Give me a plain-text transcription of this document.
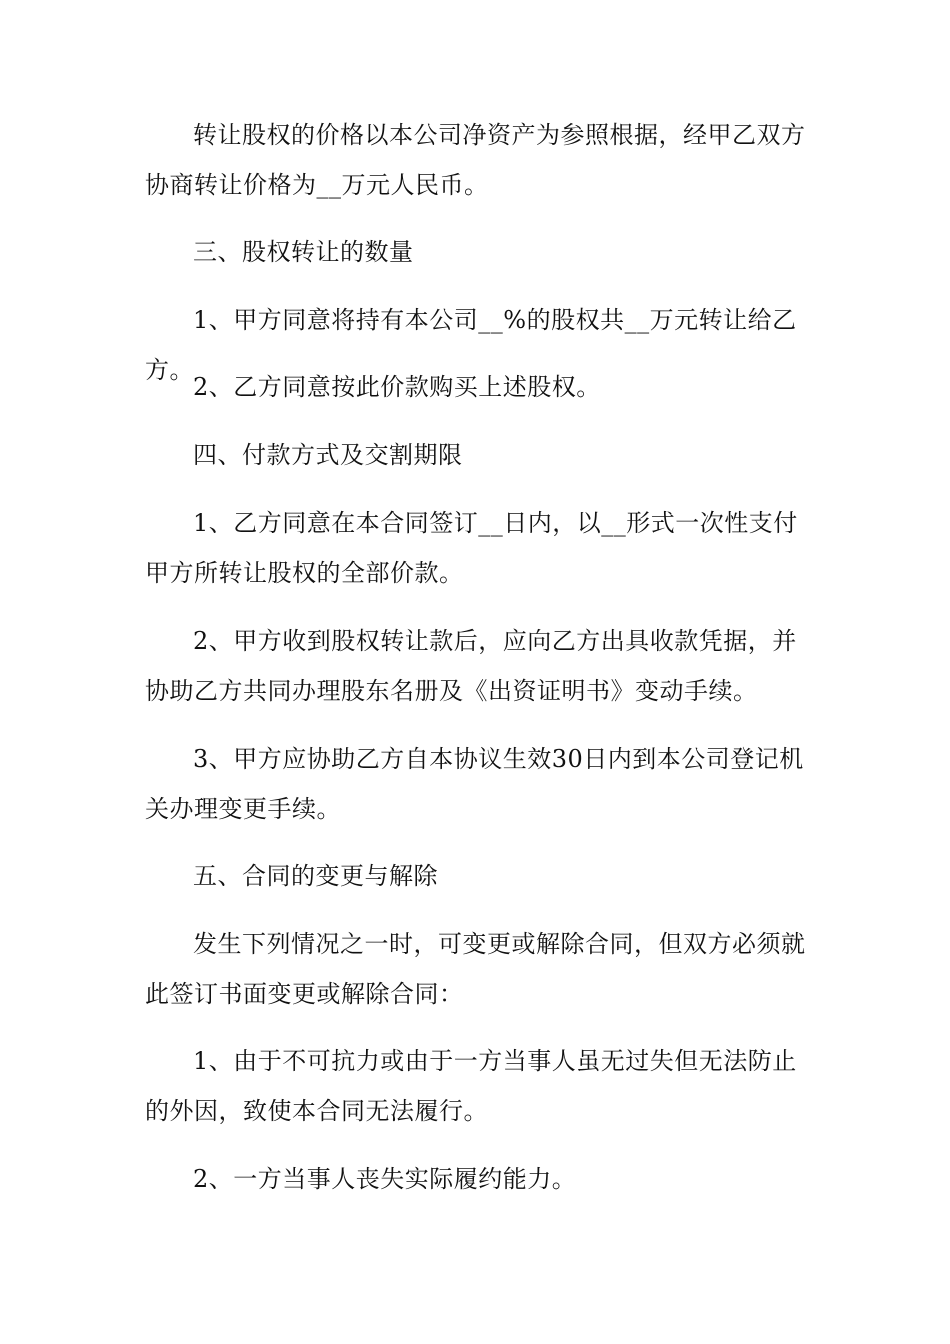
转让股权的价格以本公司净资产为参照根据，经甲乙双方协商转让价格为__万元人民币。

三、股权转让的数量

1、甲方同意将持有本公司__%的股权共__万元转让给乙方。

2、乙方同意按此价款购买上述股权。

四、付款方式及交割期限

1、乙方同意在本合同签订__日内，以__形式一次性支付甲方所转让股权的全部价款。

2、甲方收到股权转让款后，应向乙方出具收款凭据，并协助乙方共同办理股东名册及《出资证明书》变动手续。

3、甲方应协助乙方自本协议生效30日内到本公司登记机关办理变更手续。

五、合同的变更与解除

发生下列情况之一时，可变更或解除合同，但双方必须就此签订书面变更或解除合同：

1、由于不可抗力或由于一方当事人虽无过失但无法防止的外因，致使本合同无法履行。

2、一方当事人丧失实际履约能力。
